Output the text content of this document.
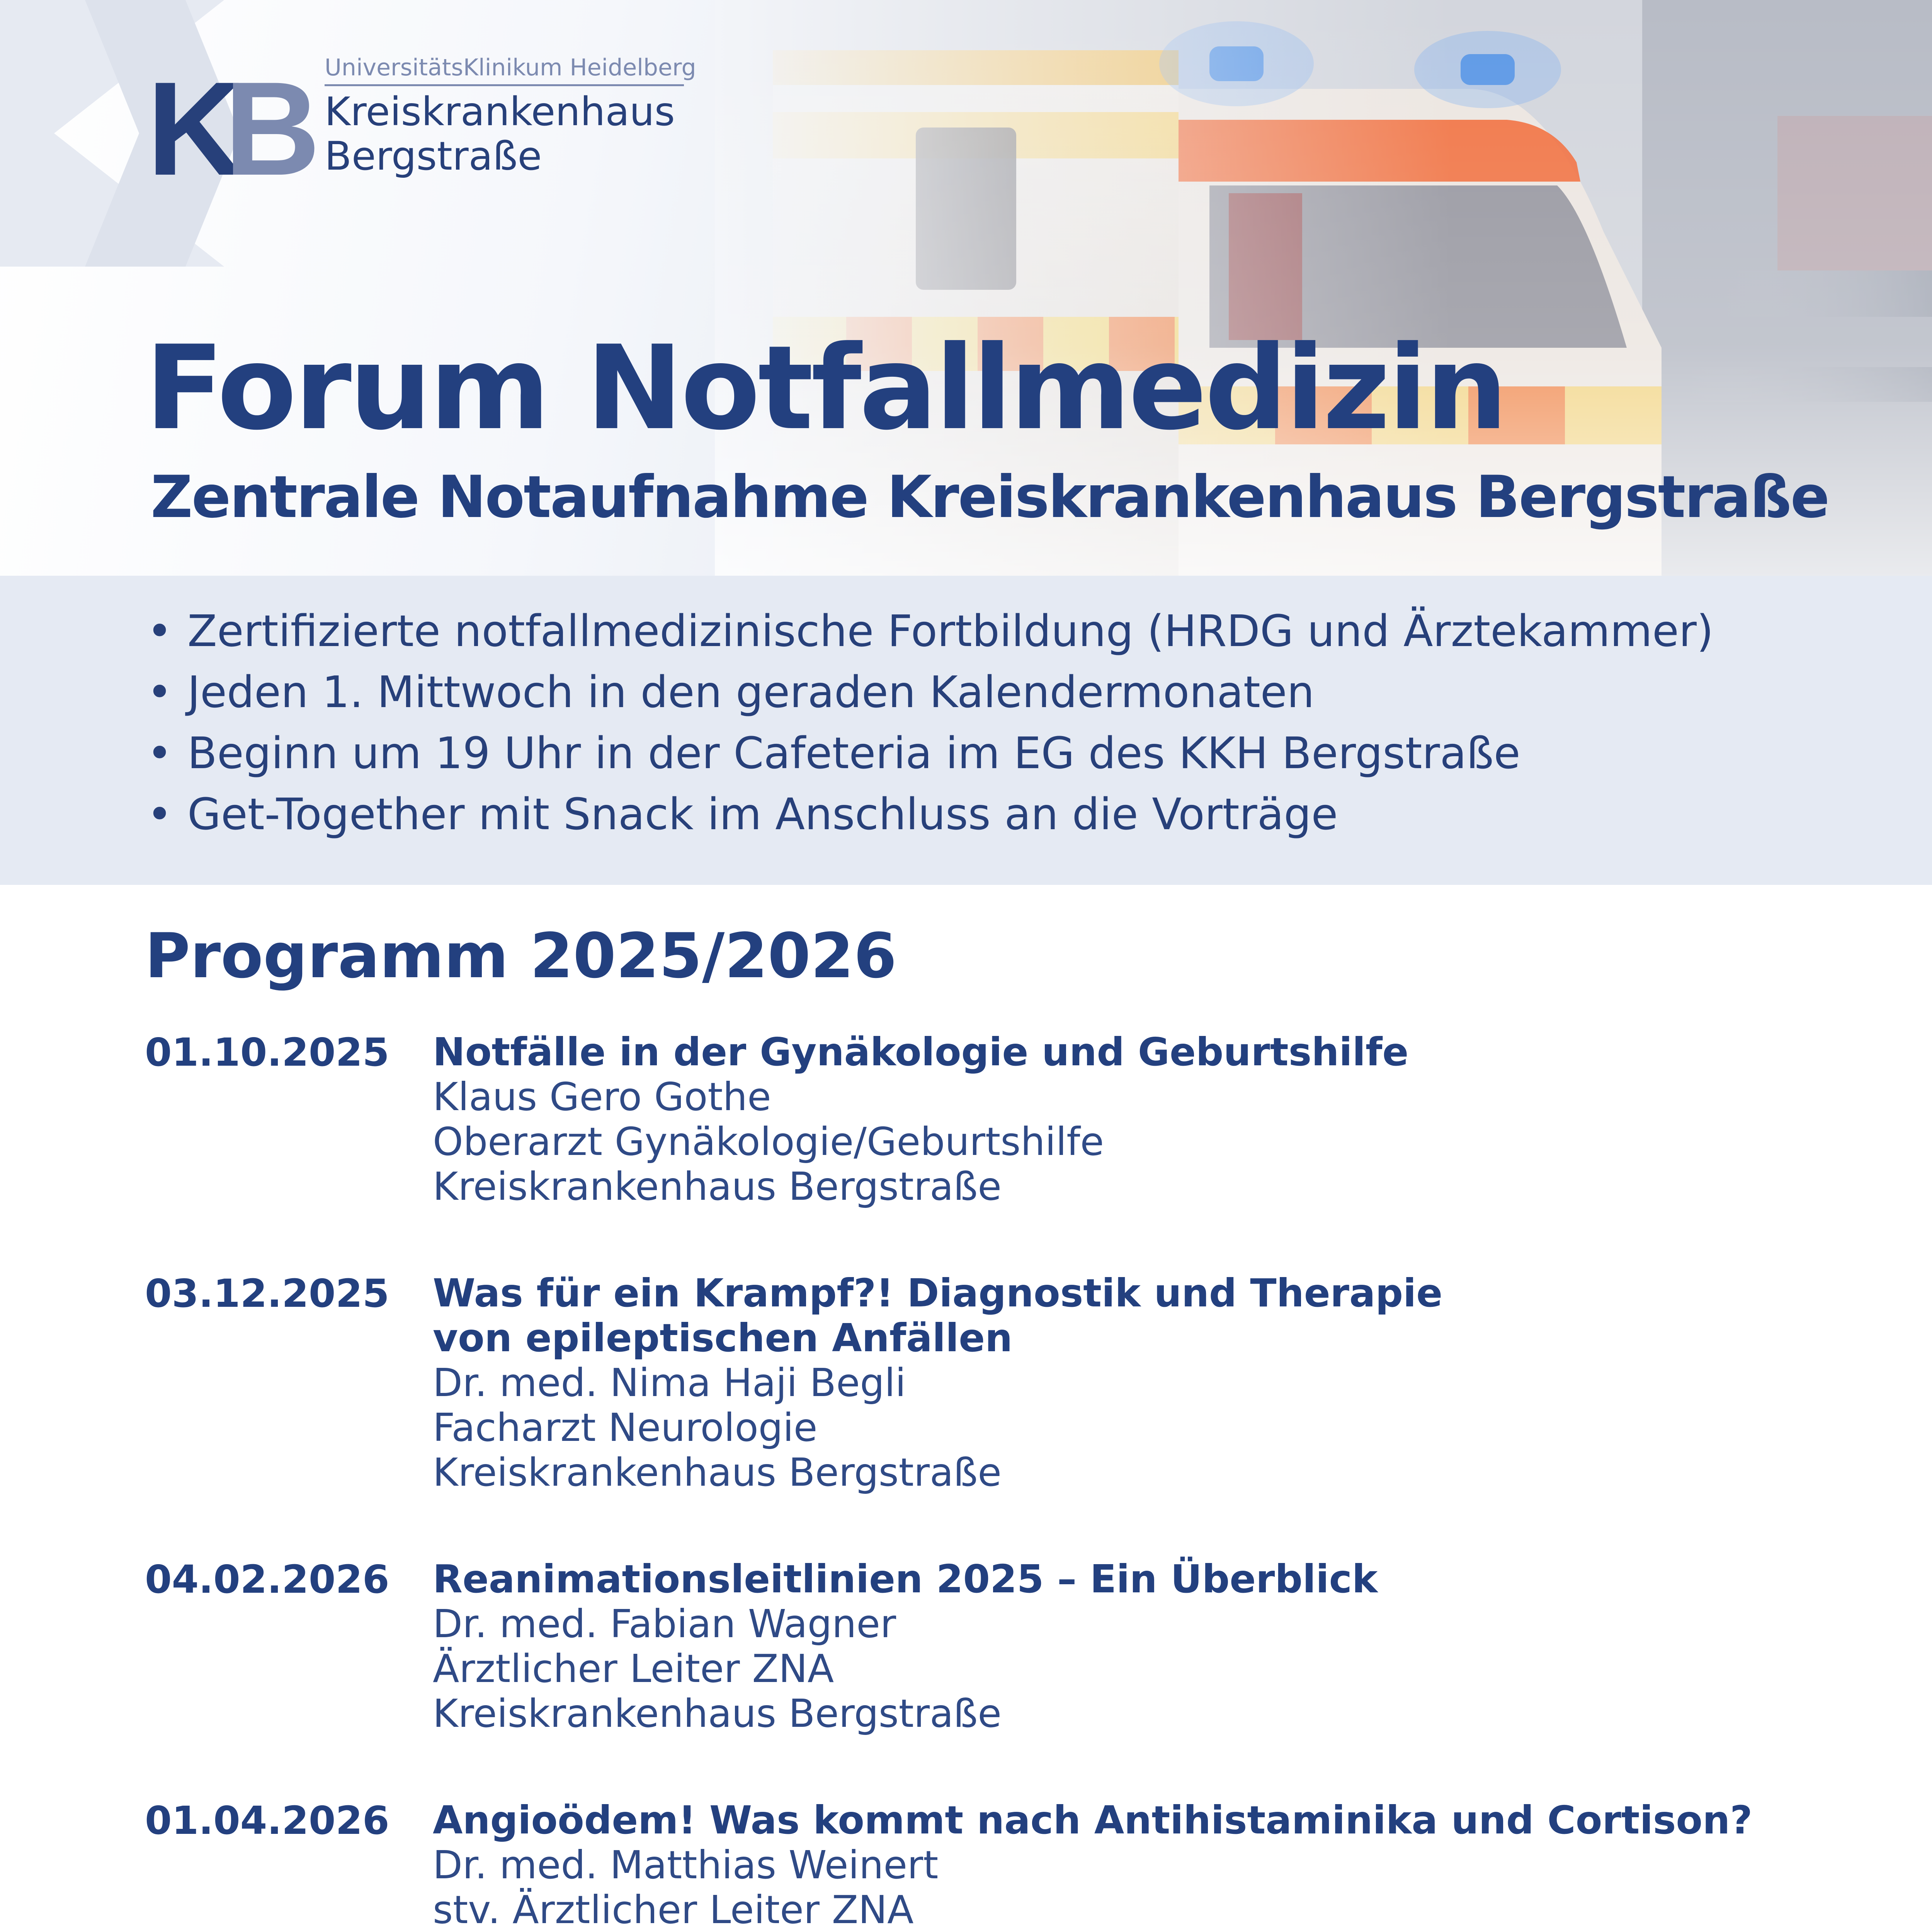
K
B UniversitätsKlinikum Heidelberg
Kreiskrankenhaus
Bergstraße
Forum Notfallmedizin
Zentrale Notaufnahme Kreiskrankenhaus Bergstraße
• Zertifizierte notfallmedizinische Fortbildung (HRDG und Ärztekammer)
• Jeden 1. Mittwoch in den geraden Kalendermonaten
• Beginn um 19 Uhr in der Cafeteria im EG des KKH Bergstraße
• Get-Together mit Snack im Anschluss an die Vorträge
Programm 2025/2026
01.10.2025 Notfälle in der Gynäkologie und Geburtshilfe
Klaus Gero Gothe
Oberarzt Gynäkologie/Geburtshilfe
Kreiskrankenhaus Bergstraße
03.12.2025 Was für ein Krampf?! Diagnostik und Therapie
von epileptischen Anfällen
Dr. med. Nima Haji Begli
Facharzt Neurologie
Kreiskrankenhaus Bergstraße
04.02.2026 Reanimationsleitlinien 2025 – Ein Überblick
Dr. med. Fabian Wagner
Ärztlicher Leiter ZNA
Kreiskrankenhaus Bergstraße
01.04.2026 Angioödem! Was kommt nach Antihistaminika und Cortison?
Dr. med. Matthias Weinert
stv. Ärztlicher Leiter ZNA
